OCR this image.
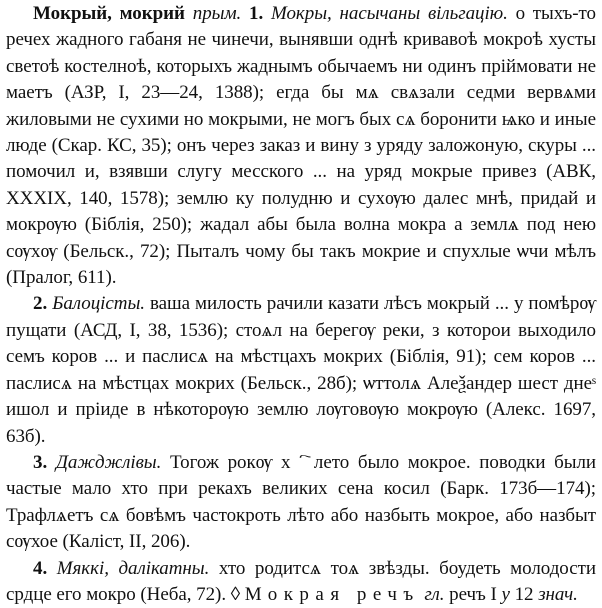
Мокрый, мокрий прым. 1. Мокры, насычаны вільгацію. о тыхъ-то речех жадного габаня не чинечи, вынявши однѣ кривавоѣ мокроѣ хусты светоѣ костелноѣ, которыхъ жаднымъ обычаемъ ни одинъ пріймовати не маетъ (АЗР, I, 23—24, 1388); егда бы мѧ свѧзали седми вервѧми жиловыми не сухими но мокрыми, не могъ быx сѧ боронити ѩко и иные люде (Скар. КС, 35); онъ через заказ и вину з уряду заложоную, скуры ... помочил и, взявши слугу месского ... на уряд мокрые привез (АВК, XXXIX, 140, 1578); землю ку полудню и сухѹю далес мнѣ, придай и мокрѹю (Біблія, 250); жадал абы была волна мокра а землѧ под нею сѹхѹ (Бельск., 72); Пыталъ чому бы такъ мокрие и спухлые ѡчи мѣлъ (Пралог, 611).

2. Балоцісты. ваша милость рачили казати лѣсъ мокрый ... у помѣрѹ пущати (АСД, I, 38, 1536); стоѧл на берегѹ реки, з которои выходило семъ коров ... и паслисѧ на мѣстцахъ мокрих (Біблія, 91); сем коров ... паслисѧ на мѣстцах мокрих (Бельск., 28б); ѡттолѧ Алеѯандер шест днеˢ ишол и пріиде в нѣкоторѹю землю лѹговѹю мокрѹю (Алекс. 1697, 63б).

3. Дажджлівы. Тогож рокѹ хⷩ҇ лето было мокрое. поводки были частые мало хто при рекахъ великих сена косил (Барк. 173б—174); Трафлѧетъ сѧ бовѣмъ частокроть лѣто або назбыть мокрое, або назбыт сѹхое (Каліст, II, 206).

4. Мяккі, далікатны. хто родитсѧ тоѧ звѣзды. боудеть молодости срдце его мокро (Неба, 72). ◊ Мокрая речъ гл. речъ I у 12 знач.
